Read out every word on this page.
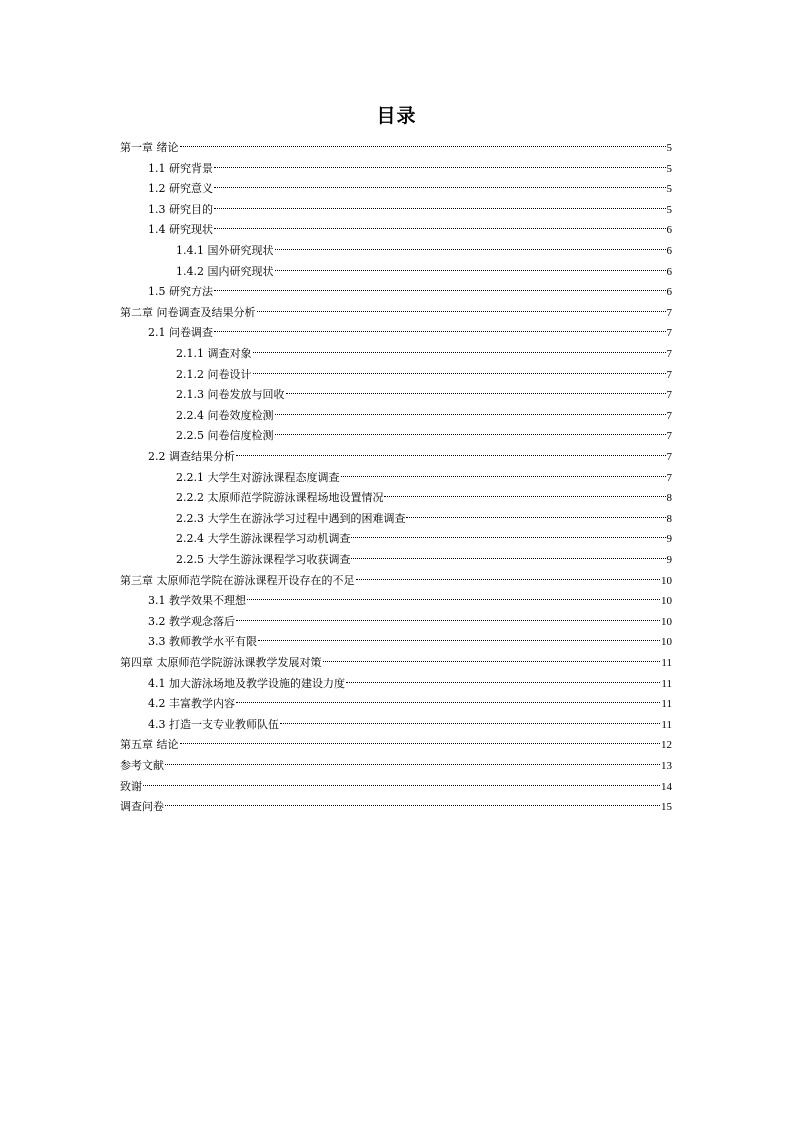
目录
第一章 绪论	5
1.1 研究背景	5
1.2 研究意义	5
1.3 研究目的	5
1.4 研究现状	6
1.4.1 国外研究现状	6
1.4.2 国内研究现状	6
1.5 研究方法	6
第二章 问卷调查及结果分析	7
2.1 问卷调查	7
2.1.1 调查对象	7
2.1.2 问卷设计	7
2.1.3 问卷发放与回收	7
2.2.4 问卷效度检测	7
2.2.5 问卷信度检测	7
2.2 调查结果分析	7
2.2.1 大学生对游泳课程态度调查	7
2.2.2 太原师范学院游泳课程场地设置情况	8
2.2.3 大学生在游泳学习过程中遇到的困难调查	8
2.2.4 大学生游泳课程学习动机调查	9
2.2.5 大学生游泳课程学习收获调查	9
第三章 太原师范学院在游泳课程开设存在的不足	10
3.1 教学效果不理想	10
3.2 教学观念落后	10
3.3 教师教学水平有限	10
第四章 太原师范学院游泳课教学发展对策	11
4.1 加大游泳场地及教学设施的建设力度	11
4.2 丰富教学内容	11
4.3 打造一支专业教师队伍	11
第五章 结论	12
参考文献	13
致谢	14
调查问卷	15
